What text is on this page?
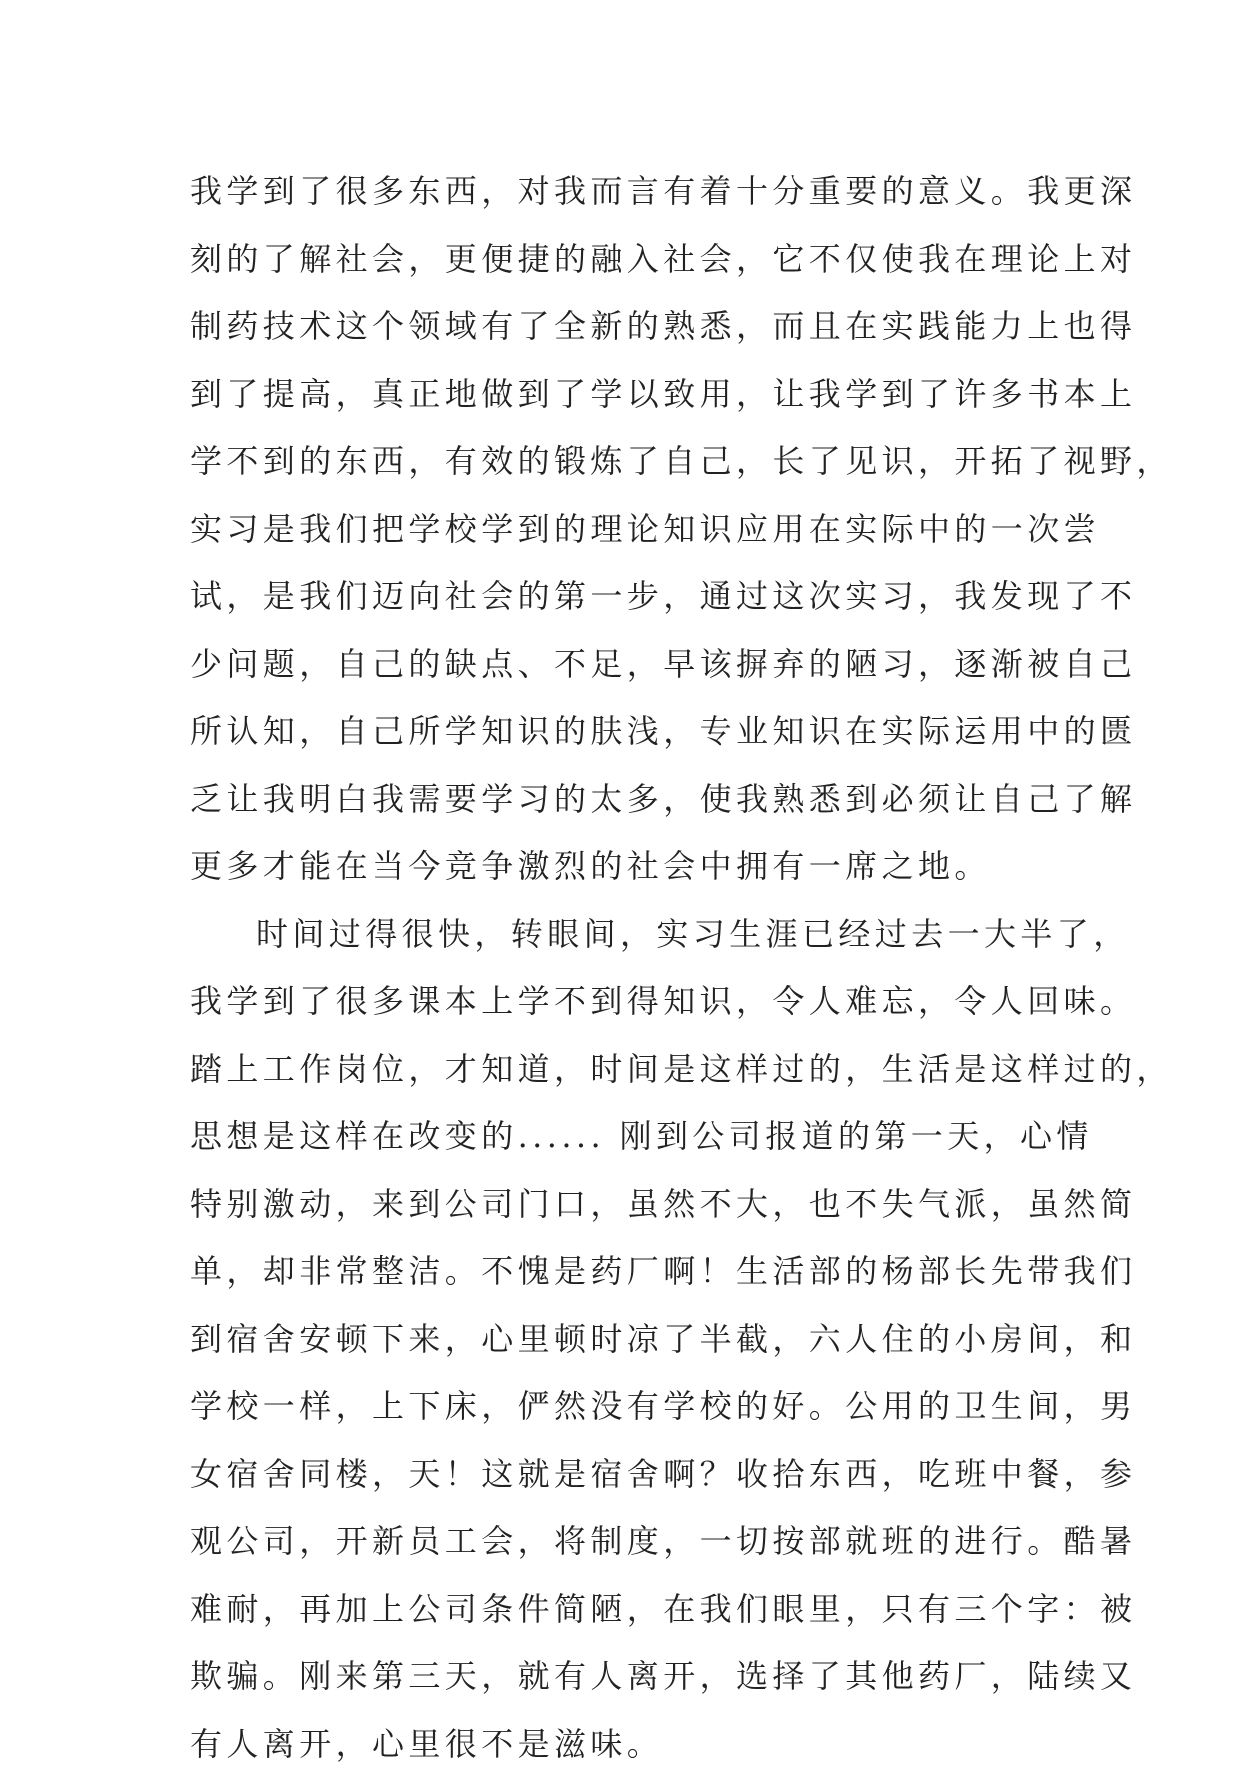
我学到了很多东西，对我而言有着十分重要的意义。我更深
刻的了解社会，更便捷的融入社会，它不仅使我在理论上对
制药技术这个领域有了全新的熟悉，而且在实践能力上也得
到了提高，真正地做到了学以致用，让我学到了许多书本上
学不到的东西，有效的锻炼了自己，长了见识，开拓了视野，
实习是我们把学校学到的理论知识应用在实际中的一次尝
试，是我们迈向社会的第一步，通过这次实习，我发现了不
少问题，自己的缺点、不足，早该摒弃的陋习，逐渐被自己
所认知，自己所学知识的肤浅，专业知识在实际运用中的匮
乏让我明白我需要学习的太多，使我熟悉到必须让自己了解
更多才能在当今竞争激烈的社会中拥有一席之地。
时间过得很快，转眼间，实习生涯已经过去一大半了，
我学到了很多课本上学不到得知识，令人难忘，令人回味。
踏上工作岗位，才知道，时间是这样过的，生活是这样过的，
思想是这样在改变的...... 刚到公司报道的第一天，心情
特别激动，来到公司门口，虽然不大，也不失气派，虽然简
单，却非常整洁。不愧是药厂啊！生活部的杨部长先带我们
到宿舍安顿下来，心里顿时凉了半截，六人住的小房间，和
学校一样，上下床，俨然没有学校的好。公用的卫生间，男
女宿舍同楼，天！这就是宿舍啊？收拾东西，吃班中餐，参
观公司，开新员工会，将制度，一切按部就班的进行。酷暑
难耐，再加上公司条件简陋，在我们眼里，只有三个字：被
欺骗。刚来第三天，就有人离开，选择了其他药厂，陆续又
有人离开，心里很不是滋味。
